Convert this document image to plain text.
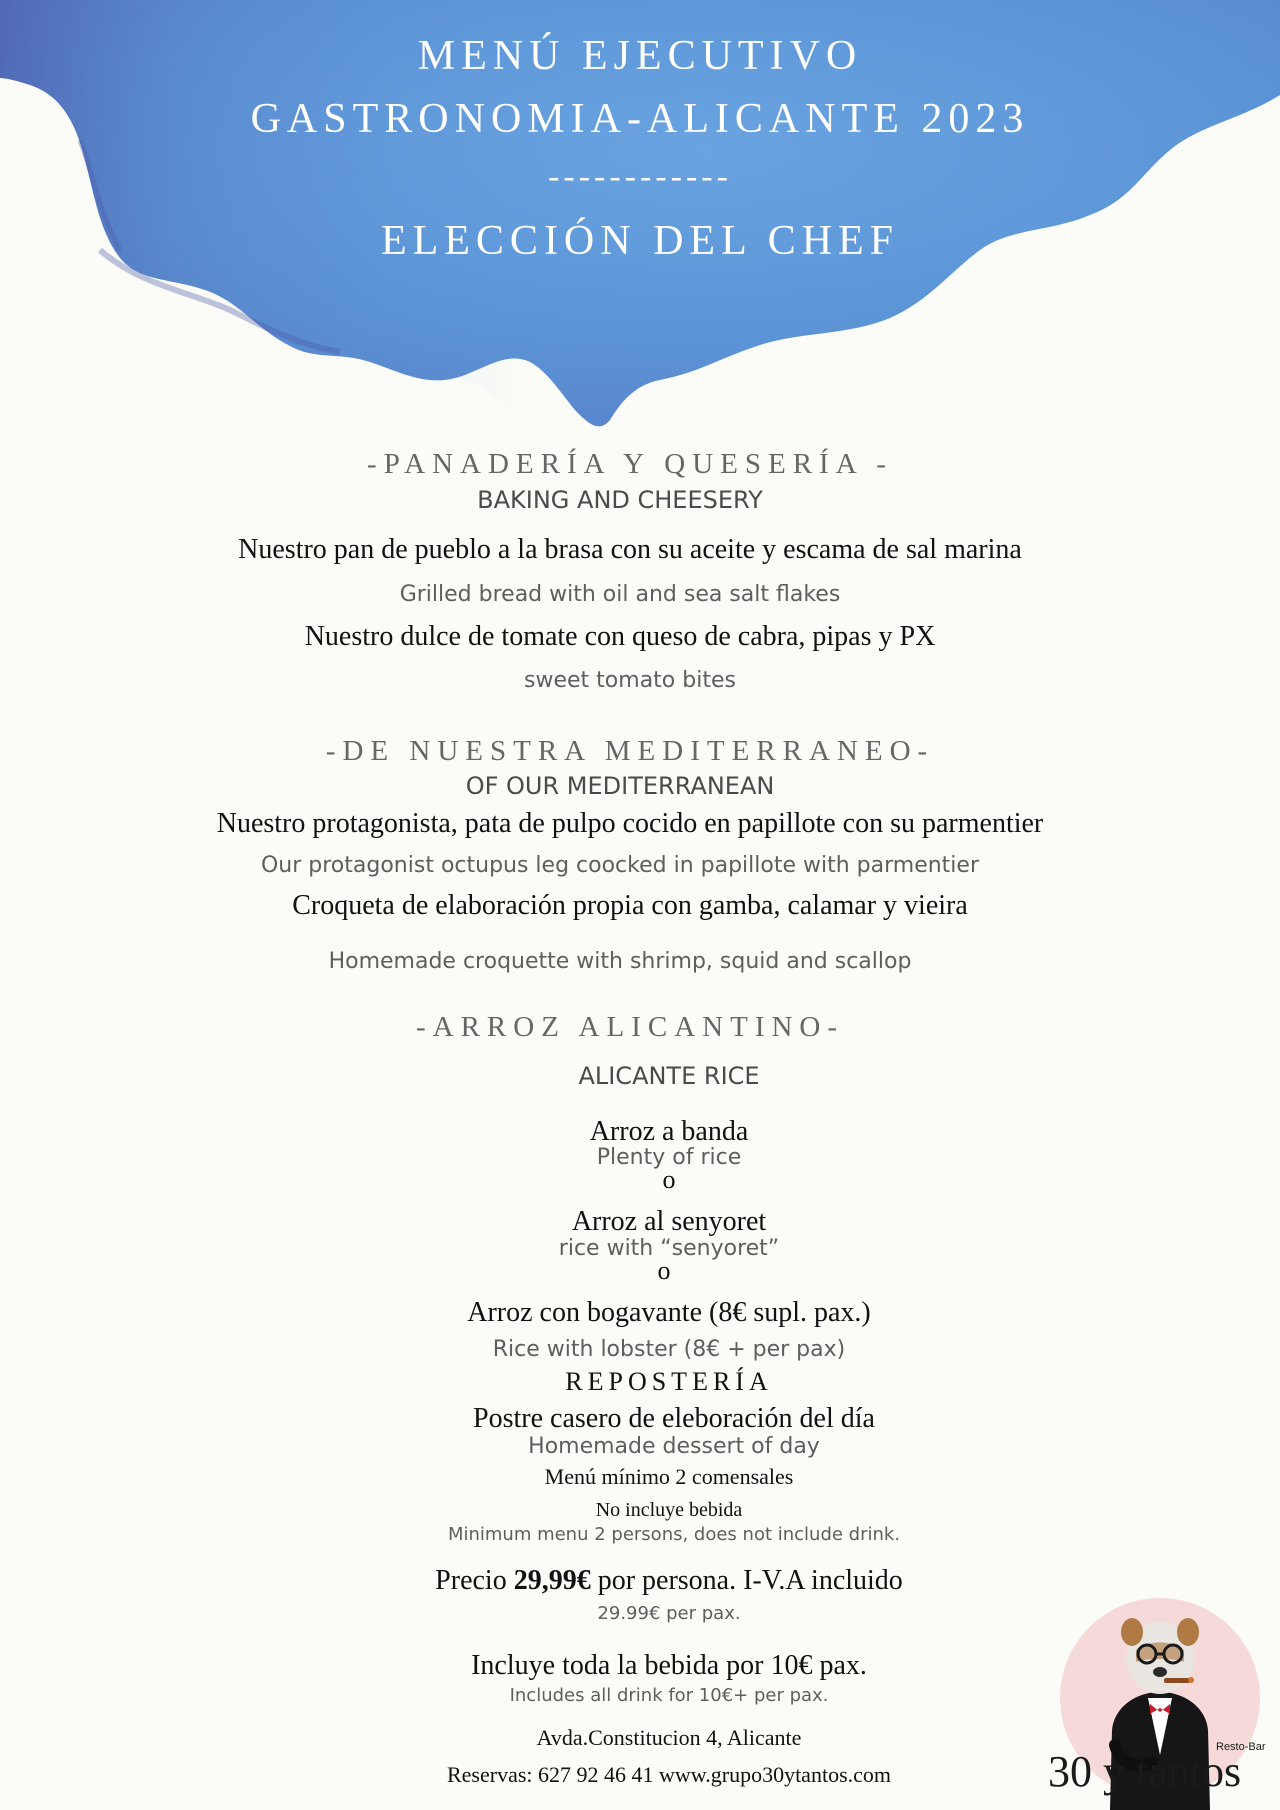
MENÚ EJECUTIVO
GASTRONOMIA-ALICANTE 2023
------------
ELECCIÓN DEL CHEF
-PANADERÍA Y QUESERÍA -
BAKING AND CHEESERY
Nuestro pan de pueblo a la brasa con su aceite y escama de sal marina
Grilled bread with oil and sea salt flakes
Nuestro dulce de tomate con queso de cabra, pipas y PX
sweet tomato bites
-DE NUESTRA MEDITERRANEO-
OF OUR MEDITERRANEAN
Nuestro protagonista, pata de pulpo cocido en papillote con su parmentier
Our protagonist octupus leg coocked in papillote with parmentier
Croqueta de elaboración propia con gamba, calamar y vieira
Homemade croquette with shrimp, squid and scallop
-ARROZ ALICANTINO-
ALICANTE RICE
Arroz a banda
Plenty of rice
o
Arroz al senyoret
rice with “senyoret”
o
Arroz con bogavante (8€ supl. pax.)
Rice with lobster (8€ + per pax)
REPOSTERÍA
Postre casero de eleboración del día
Homemade dessert of day
Menú mínimo 2 comensales
No incluye bebida
Minimum menu 2 persons, does not include drink.
Precio 29,99€ por persona. I-V.A incluido
29.99€ per pax.
Incluye toda la bebida por 10€ pax.
Includes all drink for 10€+ per pax.
Avda.Constitucion 4, Alicante
Reservas: 627 92 46 41 www.grupo30ytantos.com	30 y tantos
Resto-Bar
